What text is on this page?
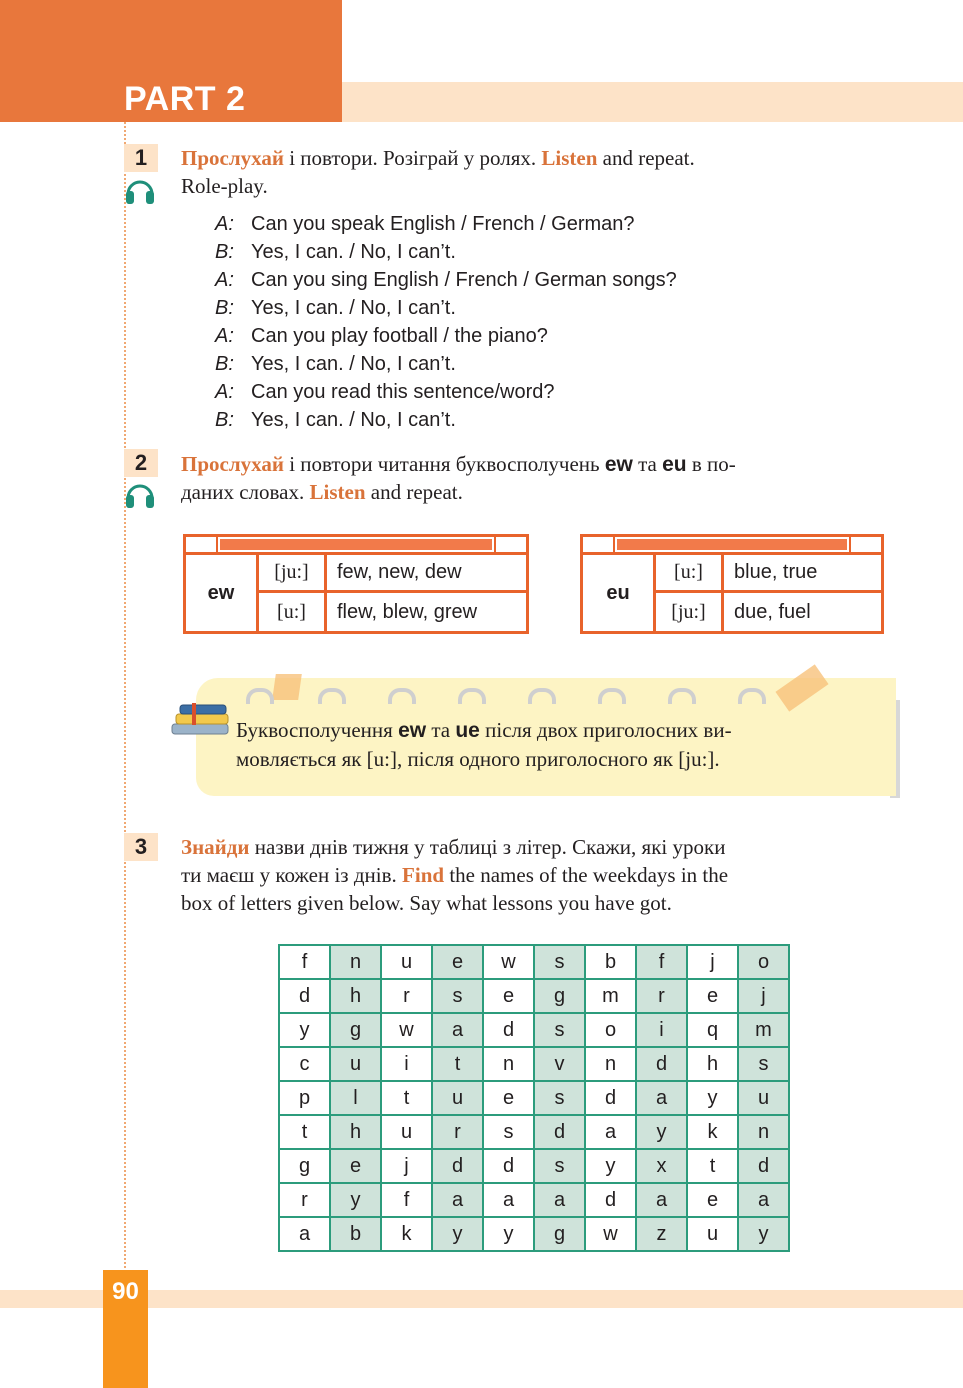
PART 2
1	Прослухай і повтори. Розіграй у ролях. Listen and repeat.
Role-play.
A: Can you speak English / French / German?
B: Yes, I can. / No, I can’t.
A: Can you sing English / French / German songs?
B: Yes, I can. / No, I can’t.
A: Can you play football / the piano?
B: Yes, I can. / No, I can’t.
A: Can you read this sentence/word?
B: Yes, I can. / No, I can’t.
2	Прослухай і повтори читання буквосполучень ew та eu в по-
даних словах. Listen and repeat.
ew
[ju:]	few, new, dew
[u:]	flew, blew, grew
eu
[u:]	blue, true
[ju:]	due, fuel
Буквосполучення ew та ue після двох приголосних ви-
мовляється як [u:], після одного приголосного як [ju:].
3	Знайди назви днів тижня у таблиці з літер. Скажи, які уроки
ти маєш у кожен із днів. Find the names of the weekdays in the
box of letters given below. Say what lessons you have got.
f	n	u	e	w	s	b	f	j	o
d	h	r	s	e	g	m	r	e	j
y	g	w	a	d	s	o	i	q	m
c	u	i	t	n	v	n	d	h	s
p	l	t	u	e	s	d	a	y	u
t	h	u	r	s	d	a	y	k	n
g	e	j	d	d	s	y	x	t	d
r	y	f	a	a	a	d	a	e	a
a	b	k	y	y	g	w	z	u	y
90
